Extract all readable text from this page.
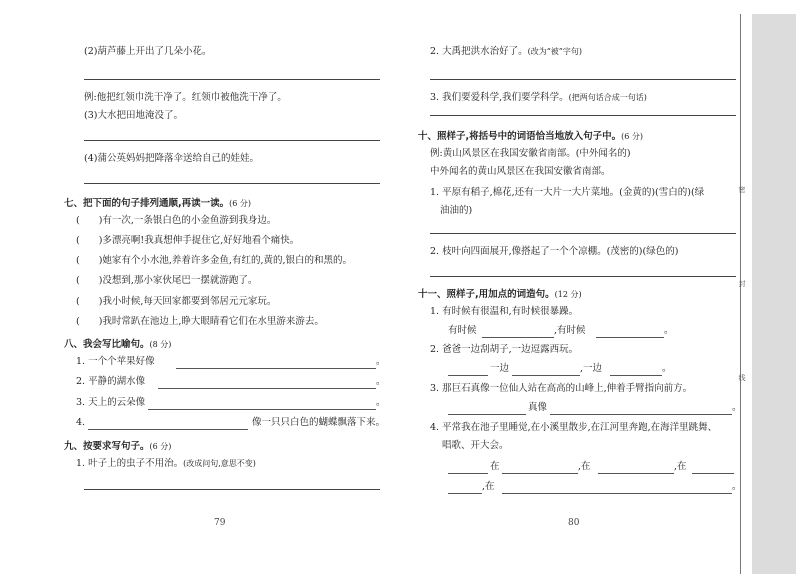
(2)葫芦藤上开出了几朵小花。
例:他把红领巾洗干净了。红领巾被他洗干净了。
(3)大水把田地淹没了。
(4)蒲公英妈妈把降落伞送给自己的娃娃。
七、把下面的句子排列通顺,再读一读。(6 分)
(　　)有一次,一条银白色的小金鱼游到我身边。
(　　)多漂亮啊!我真想伸手捉住它,好好地看个痛快。
(　　)她家有个小水池,养着许多金鱼,有红的,黄的,银白的和黑的。
(　　)没想到,那小家伙尾巴一摆就游跑了。
(　　)我小时候,每天回家都要到邻居元元家玩。
(　　)我时常趴在池边上,睁大眼睛看它们在水里游来游去。
八、我会写比喻句。(8 分)
1. 一个个苹果好像	。
2. 平静的湖水像	。
3. 天上的云朵像	。
4.	像一只只白色的蝴蝶飘落下来。
九、按要求写句子。(6 分)
1. 叶子上的虫子不用治。(改成问句,意思不变)
79
2. 大禹把洪水治好了。(改为“被”字句)
3. 我们要爱科学,我们要学科学。(把两句话合成一句话)
十、照样子,将括号中的词语恰当地放入句子中。(6 分)
例:黄山风景区在我国安徽省南部。(中外闻名的)
中外闻名的黄山风景区在我国安徽省南部。
1. 平原有稻子,棉花,还有一大片一大片菜地。(金黄的)(雪白的)(绿
油油的)
2. 枝叶向四面展开,像搭起了一个个凉棚。(茂密的)(绿色的)
十一、照样子,用加点的词造句。(12 分)
1. 有时候有很温和,有时候很暴躁。
有时候	,有时候	。
2. 爸爸一边刮胡子,一边逗露西玩。
一边	,一边	。
3. 那巨石真像一位仙人站在高高的山峰上,伸着手臂指向前方。
真像	。
4. 平常我在池子里睡觉,在小溪里散步,在江河里奔跑,在海洋里跳舞、
唱歌、开大会。
在	,在	,在
,在	。
80
密
封
线
